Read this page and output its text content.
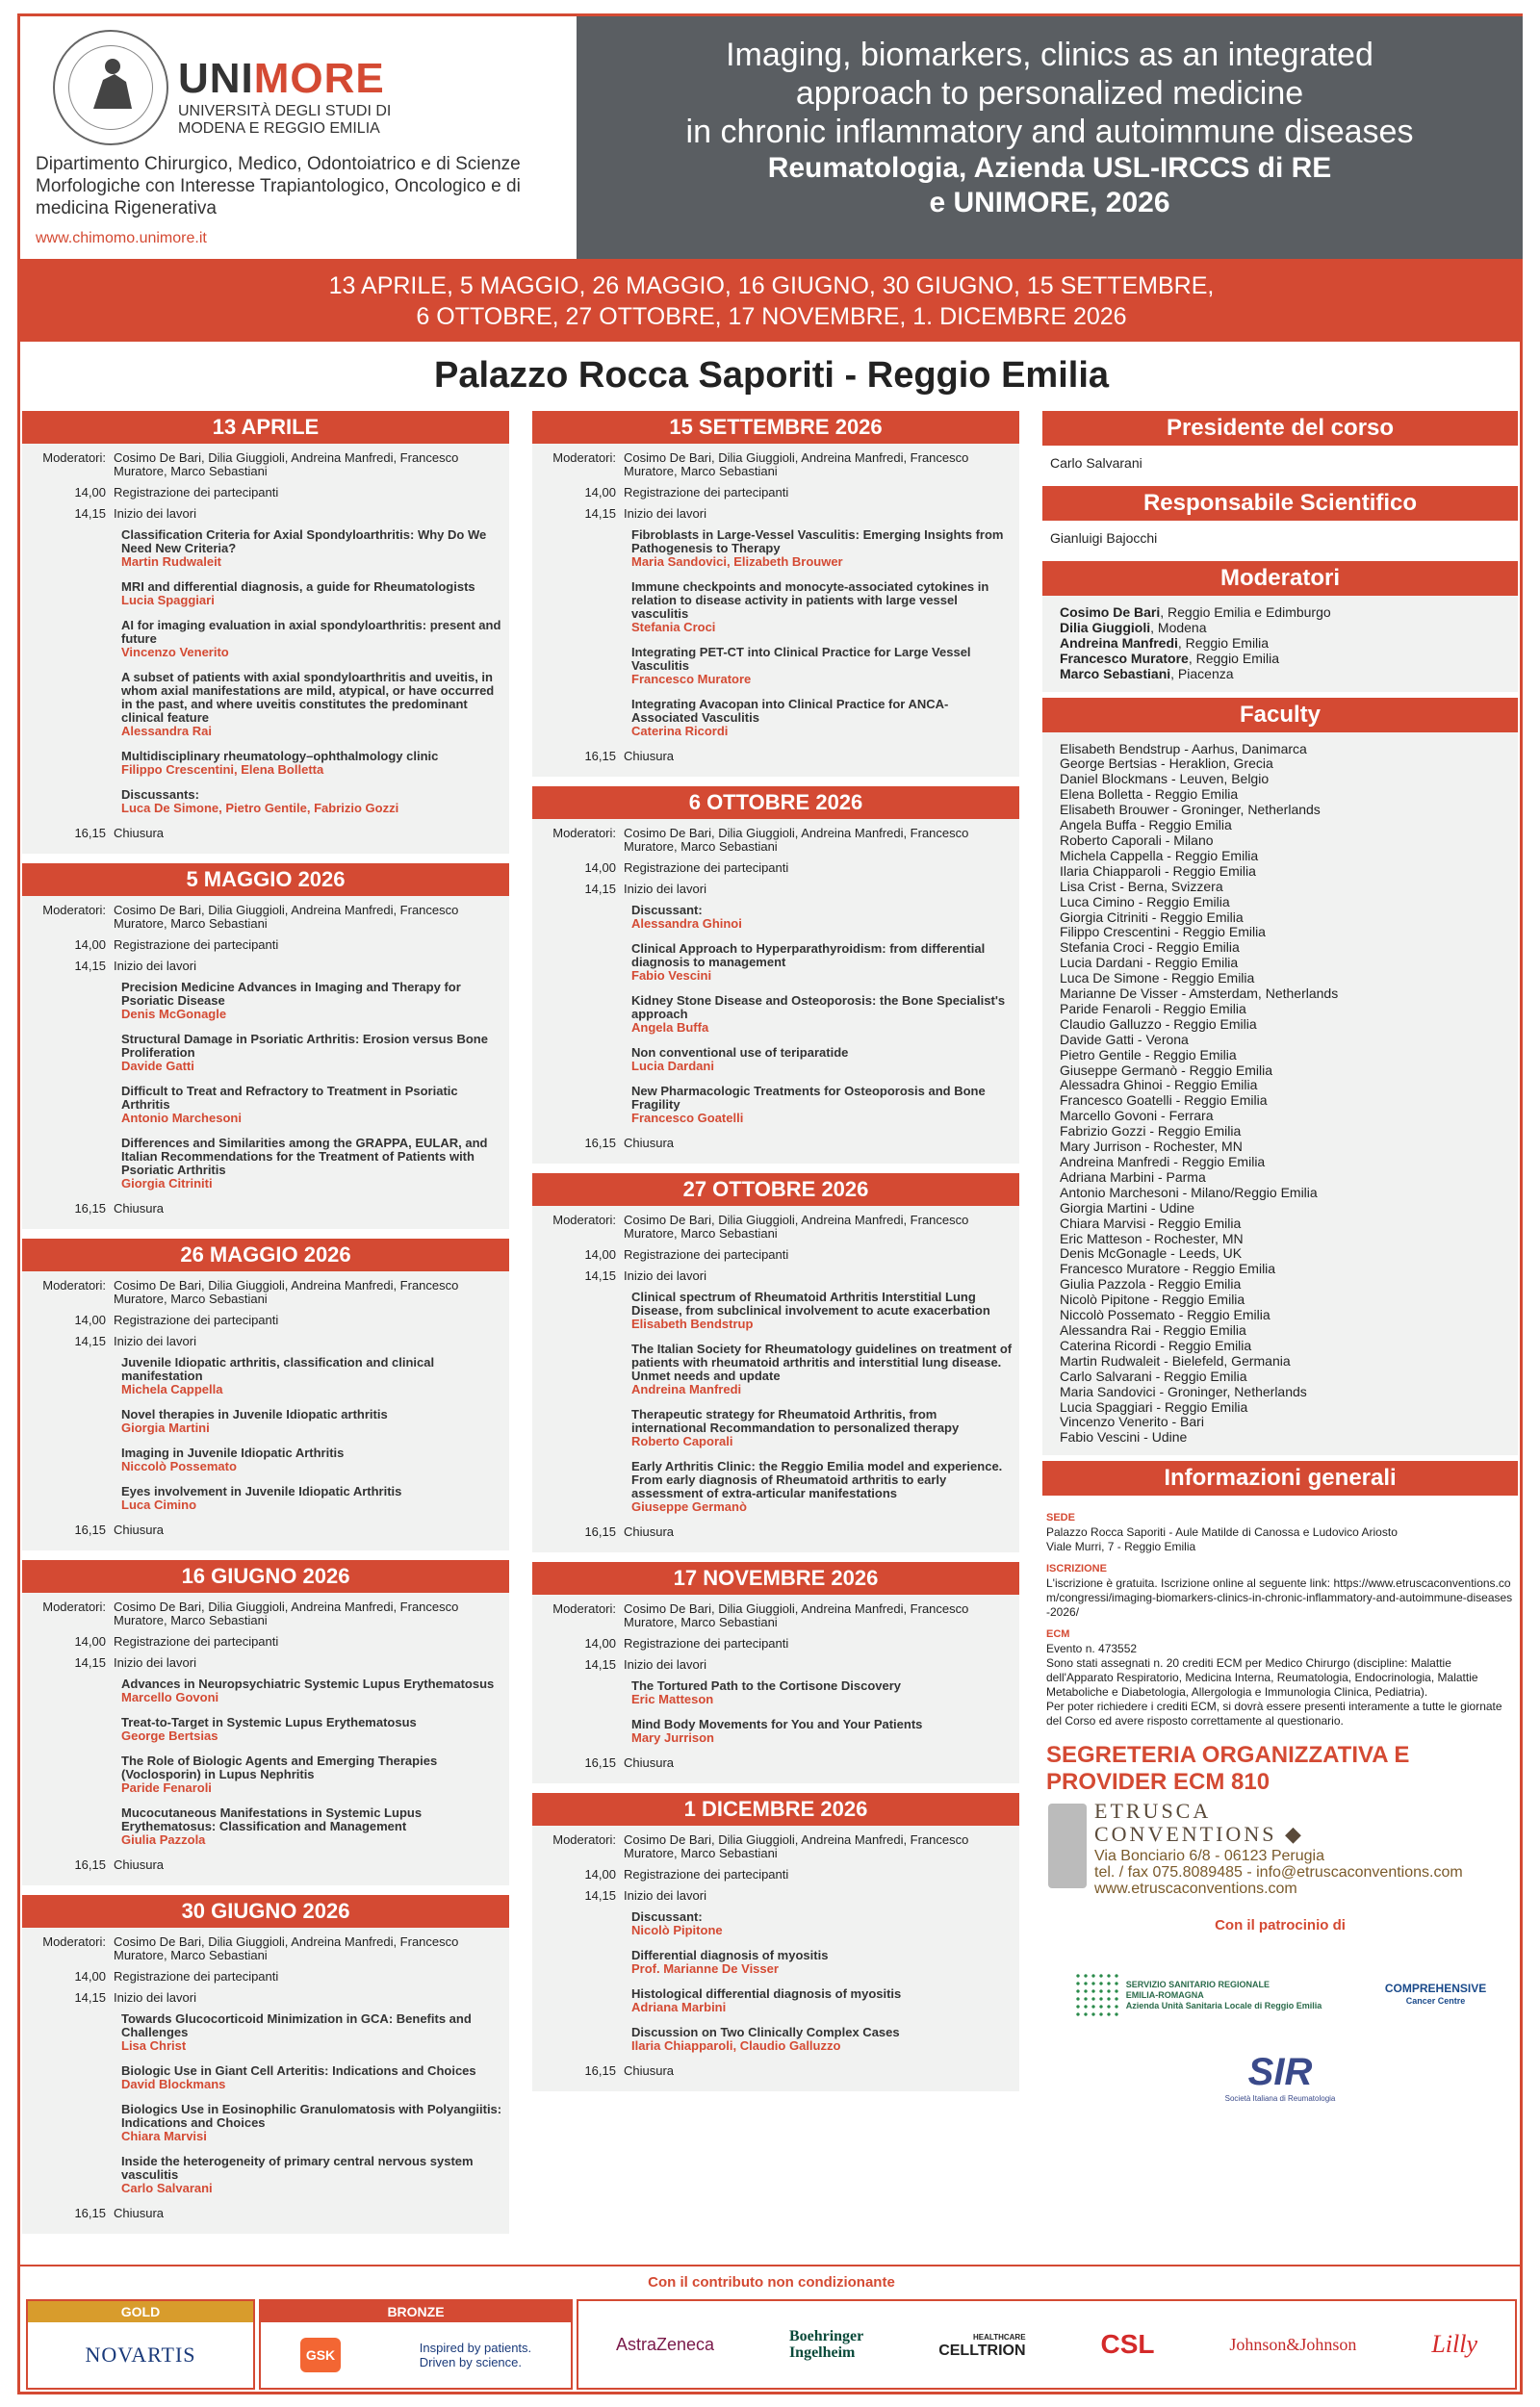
UNIMORE
UNIVERSITÀ DEGLI STUDI DI
MODENA E REGGIO EMILIA
Dipartimento Chirurgico, Medico, Odontoiatrico e di Scienze Morfologiche con Interesse Trapiantologico, Oncologico e di medicina Rigenerativa
www.chimomo.unimore.it
Imaging, biomarkers, clinics as an integrated
approach to personalized medicine
in chronic inflammatory and autoimmune diseases
Reumatologia, Azienda USL-IRCCS di RE
e UNIMORE, 2026
13 APRILE, 5 MAGGIO, 26 MAGGIO, 16 GIUGNO, 30 GIUGNO, 15 SETTEMBRE,
6 OTTOBRE, 27 OTTOBRE, 17 NOVEMBRE, 1. DICEMBRE 2026
Palazzo Rocca Saporiti - Reggio Emilia
13 APRILE
Moderatori: Cosimo De Bari, Dilia Giuggioli, Andreina Manfredi, Francesco Muratore, Marco Sebastiani
14,00 Registrazione dei partecipanti
14,15 Inizio dei lavori
Classification Criteria for Axial Spondyloarthritis: Why Do We Need New Criteria?
Martin Rudwaleit
MRI and differential diagnosis, a guide for Rheumatologists
Lucia Spaggiari
AI for imaging evaluation in axial spondyloarthritis: present and future
Vincenzo Venerito
A subset of patients with axial spondyloarthritis and uveitis, in whom axial manifestations are mild, atypical, or have occurred in the past, and where uveitis constitutes the predominant clinical feature
Alessandra Rai
Multidisciplinary rheumatology–ophthalmology clinic
Filippo Crescentini, Elena Bolletta
Discussants:
Luca De Simone, Pietro Gentile, Fabrizio Gozzi
16,15 Chiusura
5 MAGGIO 2026
Moderatori: Cosimo De Bari, Dilia Giuggioli, Andreina Manfredi, Francesco Muratore, Marco Sebastiani
14,00 Registrazione dei partecipanti
14,15 Inizio dei lavori
Precision Medicine Advances in Imaging and Therapy for Psoriatic Disease
Denis McGonagle
Structural Damage in Psoriatic Arthritis: Erosion versus Bone Proliferation
Davide Gatti
Difficult to Treat and Refractory to Treatment in Psoriatic Arthritis
Antonio Marchesoni
Differences and Similarities among the GRAPPA, EULAR, and Italian Recommendations for the Treatment of Patients with Psoriatic Arthritis
Giorgia Citriniti
16,15 Chiusura
26 MAGGIO 2026
Moderatori: Cosimo De Bari, Dilia Giuggioli, Andreina Manfredi, Francesco Muratore, Marco Sebastiani
14,00 Registrazione dei partecipanti
14,15 Inizio dei lavori
Juvenile Idiopatic arthritis, classification and clinical manifestation
Michela Cappella
Novel therapies in Juvenile Idiopatic arthritis
Giorgia Martini
Imaging in Juvenile Idiopatic Arthritis
Niccolò Possemato
Eyes involvement in Juvenile Idiopatic Arthritis
Luca Cimino
16,15 Chiusura
16 GIUGNO 2026
Moderatori: Cosimo De Bari, Dilia Giuggioli, Andreina Manfredi, Francesco Muratore, Marco Sebastiani
14,00 Registrazione dei partecipanti
14,15 Inizio dei lavori
Advances in Neuropsychiatric Systemic Lupus Erythematosus
Marcello Govoni
Treat-to-Target in Systemic Lupus Erythematosus
George Bertsias
The Role of Biologic Agents and Emerging Therapies (Voclosporin) in Lupus Nephritis
Paride Fenaroli
Mucocutaneous Manifestations in Systemic Lupus Erythematosus: Classification and Management
Giulia Pazzola
16,15 Chiusura
30 GIUGNO 2026
Moderatori: Cosimo De Bari, Dilia Giuggioli, Andreina Manfredi, Francesco Muratore, Marco Sebastiani
14,00 Registrazione dei partecipanti
14,15 Inizio dei lavori
Towards Glucocorticoid Minimization in GCA: Benefits and Challenges
Lisa Christ
Biologic Use in Giant Cell Arteritis: Indications and Choices
David Blockmans
Biologics Use in Eosinophilic Granulomatosis with Polyangiitis: Indications and Choices
Chiara Marvisi
Inside the heterogeneity of primary central nervous system vasculitis
Carlo Salvarani
16,15 Chiusura
15 SETTEMBRE 2026
Moderatori: Cosimo De Bari, Dilia Giuggioli, Andreina Manfredi, Francesco Muratore, Marco Sebastiani
14,00 Registrazione dei partecipanti
14,15 Inizio dei lavori
Fibroblasts in Large-Vessel Vasculitis: Emerging Insights from Pathogenesis to Therapy
Maria Sandovici, Elizabeth Brouwer
Immune checkpoints and monocyte-associated cytokines in relation to disease activity in patients with large vessel vasculitis
Stefania Croci
Integrating PET-CT into Clinical Practice for Large Vessel Vasculitis
Francesco Muratore
Integrating Avacopan into Clinical Practice for ANCA-Associated Vasculitis
Caterina Ricordi
16,15 Chiusura
6 OTTOBRE 2026
Moderatori: Cosimo De Bari, Dilia Giuggioli, Andreina Manfredi, Francesco Muratore, Marco Sebastiani
14,00 Registrazione dei partecipanti
14,15 Inizio dei lavori
Discussant:
Alessandra Ghinoi
Clinical Approach to Hyperparathyroidism: from differential diagnosis to management
Fabio Vescini
Kidney Stone Disease and Osteoporosis: the Bone Specialist's approach
Angela Buffa
Non conventional use of teriparatide
Lucia Dardani
New Pharmacologic Treatments for Osteoporosis and Bone Fragility
Francesco Goatelli
16,15 Chiusura
27 OTTOBRE 2026
Moderatori: Cosimo De Bari, Dilia Giuggioli, Andreina Manfredi, Francesco Muratore, Marco Sebastiani
14,00 Registrazione dei partecipanti
14,15 Inizio dei lavori
Clinical spectrum of Rheumatoid Arthritis Interstitial Lung Disease, from subclinical involvement to acute exacerbation
Elisabeth Bendstrup
The Italian Society for Rheumatology guidelines on treatment of patients with rheumatoid arthritis and interstitial lung disease. Unmet needs and update
Andreina Manfredi
Therapeutic strategy for Rheumatoid Arthritis, from international Recommandation to personalized therapy
Roberto Caporali
Early Arthritis Clinic: the Reggio Emilia model and experience. From early diagnosis of Rheumatoid arthritis to early assessment of extra-articular manifestations
Giuseppe Germanò
16,15 Chiusura
17 NOVEMBRE 2026
Moderatori: Cosimo De Bari, Dilia Giuggioli, Andreina Manfredi, Francesco Muratore, Marco Sebastiani
14,00 Registrazione dei partecipanti
14,15 Inizio dei lavori
The Tortured Path to the Cortisone Discovery
Eric Matteson
Mind Body Movements for You and Your Patients
Mary Jurrison
16,15 Chiusura
1 DICEMBRE 2026
Moderatori: Cosimo De Bari, Dilia Giuggioli, Andreina Manfredi, Francesco Muratore, Marco Sebastiani
14,00 Registrazione dei partecipanti
14,15 Inizio dei lavori
Discussant:
Nicolò Pipitone
Differential diagnosis of myositis
Prof. Marianne De Visser
Histological differential diagnosis of myositis
Adriana Marbini
Discussion on Two Clinically Complex Cases
Ilaria Chiapparoli, Claudio Galluzzo
16,15 Chiusura
Presidente del corso
Carlo Salvarani
Responsabile Scientifico
Gianluigi Bajocchi
Moderatori
Cosimo De Bari, Reggio Emilia e Edimburgo
Dilia Giuggioli, Modena
Andreina Manfredi, Reggio Emilia
Francesco Muratore, Reggio Emilia
Marco Sebastiani, Piacenza
Faculty
Elisabeth Bendstrup - Aarhus, Danimarca
George Bertsias - Heraklion, Grecia
Daniel Blockmans - Leuven, Belgio
Elena Bolletta - Reggio Emilia
Elisabeth Brouwer - Groninger, Netherlands
Angela Buffa - Reggio Emilia
Roberto Caporali - Milano
Michela Cappella - Reggio Emilia
Ilaria Chiapparoli - Reggio Emilia
Lisa Crist - Berna, Svizzera
Luca Cimino - Reggio Emilia
Giorgia Citriniti - Reggio Emilia
Filippo Crescentini - Reggio Emilia
Stefania Croci - Reggio Emilia
Lucia Dardani - Reggio Emilia
Luca De Simone - Reggio Emilia
Marianne De Visser - Amsterdam, Netherlands
Paride Fenaroli - Reggio Emilia
Claudio Galluzzo - Reggio Emilia
Davide Gatti - Verona
Pietro Gentile - Reggio Emilia
Giuseppe Germanò - Reggio Emilia
Alessadra Ghinoi - Reggio Emilia
Francesco Goatelli - Reggio Emilia
Marcello Govoni - Ferrara
Fabrizio Gozzi - Reggio Emilia
Mary Jurrison - Rochester, MN
Andreina Manfredi - Reggio Emilia
Adriana Marbini - Parma
Antonio Marchesoni - Milano/Reggio Emilia
Giorgia Martini - Udine
Chiara Marvisi - Reggio Emilia
Eric Matteson - Rochester, MN
Denis McGonagle - Leeds, UK
Francesco Muratore - Reggio Emilia
Giulia Pazzola - Reggio Emilia
Nicolò Pipitone - Reggio Emilia
Niccolò Possemato - Reggio Emilia
Alessandra Rai - Reggio Emilia
Caterina Ricordi - Reggio Emilia
Martin Rudwaleit - Bielefeld, Germania
Carlo Salvarani - Reggio Emilia
Maria Sandovici - Groninger, Netherlands
Lucia Spaggiari - Reggio Emilia
Vincenzo Venerito - Bari
Fabio Vescini - Udine
Informazioni generali
SEDE
Palazzo Rocca Saporiti - Aule Matilde di Canossa e Ludovico Ariosto
Viale Murri, 7 - Reggio Emilia
ISCRIZIONE
L'iscrizione è gratuita. Iscrizione online al seguente link: https://www.etruscaconventions.com/congressi/imaging-biomarkers-clinics-in-chronic-inflammatory-and-autoimmune-diseases-2026/
ECM
Evento n. 473552
Sono stati assegnati n. 20 crediti ECM per Medico Chirurgo (discipline: Malattie dell'Apparato Respiratorio, Medicina Interna, Reumatologia, Endocrinologia, Malattie Metaboliche e Diabetologia, Allergologia e Immunologia Clinica, Pediatria).
Per poter richiedere i crediti ECM, si dovrà essere presenti interamente a tutte le giornate del Corso ed avere risposto correttamente al questionario.
SEGRETERIA ORGANIZZATIVA E
PROVIDER ECM 810
ETRUSCA
CONVENTIONS ◆
Via Bonciario 6/8 - 06123 Perugia
tel. / fax 075.8089485 - info@etruscaconventions.com
www.etruscaconventions.com
Con il patrocinio di
SERVIZIO SANITARIO REGIONALE
EMILIA-ROMAGNA
Azienda Unità Sanitaria Locale di Reggio Emilia
COMPREHENSIVE
Cancer Centre
SIR
Società Italiana di Reumatologia
Con il contributo non condizionante
GOLD
NOVARTIS
BRONZE
GSK	Inspired by patients.
Driven by science.
AstraZeneca	Boehringer
Ingelheim
HEALTHCARE
CELLTRION	CSL	Johnson&Johnson	Lilly
